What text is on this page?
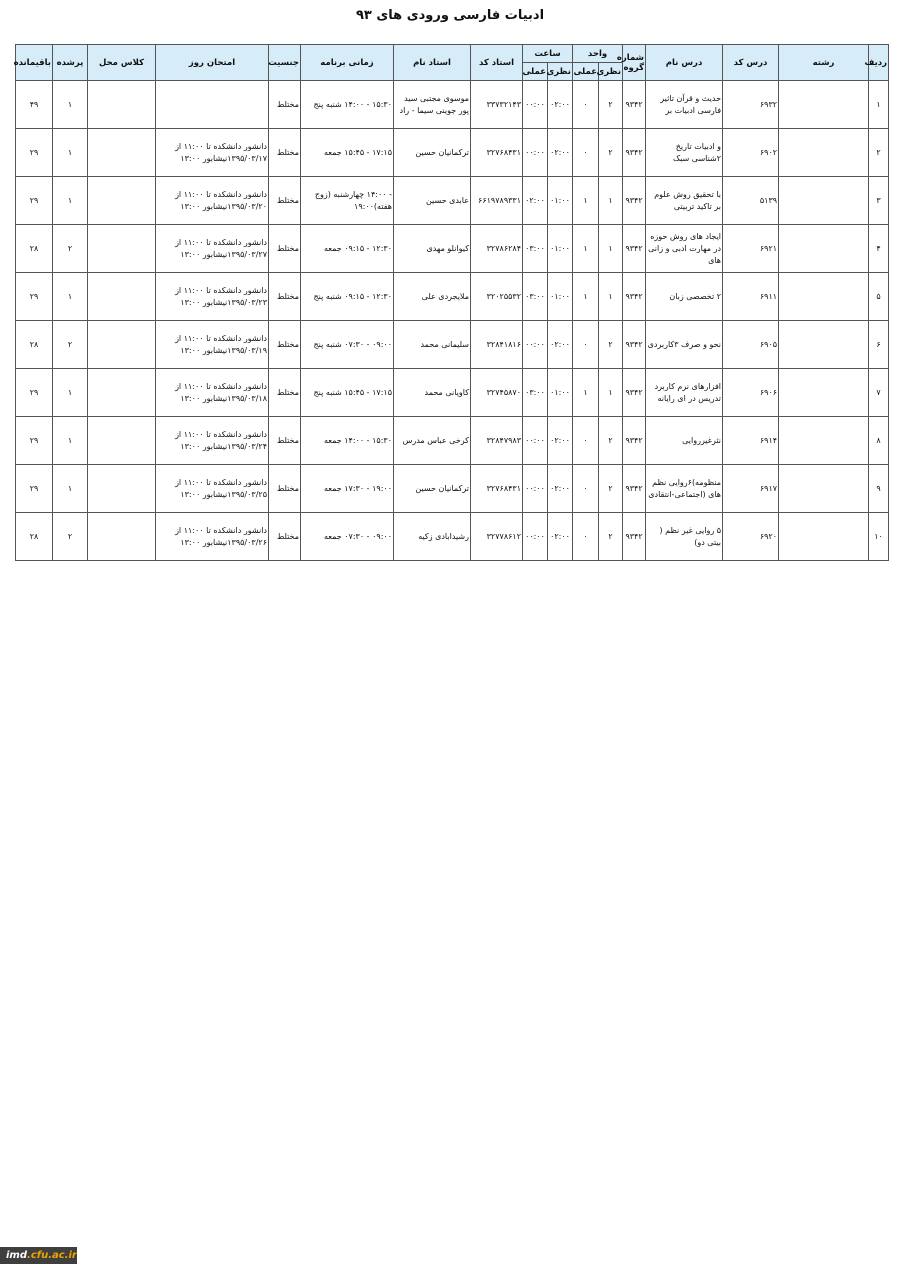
ادبیات فارسی ورودی های ۹۳
ردیف	رشته	درس کد	درس نام	شماره گروه	واحد		ساعت		استاد کد	استاد نام	زمانی برنامه	جنسیت	امتحان روز	کلاس محل	پرشده	باقیمانده
					نظری	عملی	نظری	عملی								
۱		۶۹۳۲	حدیث و قرآن تاثیر فارسی ادبیات بر	۹۳۴۲	۲	۰	۰۲:۰۰	۰۰:۰۰	۳۳۷۳۲۱۴۳	موسوی مجتبی سید پور جوینی سیما - راد	۱۵:۳۰ - ۱۴:۰۰ شنبه پنج	مختلط			۱	۴۹
۲		۶۹۰۲	و ادبیات تاریخ ۲شناسی سبک	۹۳۴۲	۲	۰	۰۲:۰۰	۰۰:۰۰	۳۲۷۶۸۴۳۱	ترکمانیان حسین	۱۷:۱۵ - ۱۵:۴۵ جمعه	مختلط	دانشور دانشکده تا ۱۱:۰۰ از ۱۳۹۵/۰۳/۱۷نیشابور ۱۳:۰۰		۱	۲۹
۳		۵۱۳۹	با تحقیق روش علوم بر تاکید تربیتی	۹۳۴۲	۱	۱	۰۱:۰۰	۰۲:۰۰	۶۶۱۹۷۸۹۳۳۱	عابدی حسین	- ۱۴:۰۰ چهارشنبه (زوج هفته)۱۹:۰۰	مختلط	دانشور دانشکده تا ۱۱:۰۰ از ۱۳۹۵/۰۳/۲۰نیشابور ۱۳:۰۰		۱	۲۹
۴		۶۹۲۱	ایجاد های روش حوزه در مهارت ادبی و زانی های	۹۳۴۲	۱	۱	۰۱:۰۰	۰۳:۰۰	۳۲۷۸۶۲۸۴	کیوانلو مهدی	۱۲:۳۰ - ۰۹:۱۵ جمعه	مختلط	دانشور دانشکده تا ۱۱:۰۰ از ۱۳۹۵/۰۳/۲۷نیشابور ۱۳:۰۰		۲	۲۸
۵		۶۹۱۱	۲ تخصصی زبان	۹۳۴۲	۱	۱	۰۱:۰۰	۰۳:۰۰	۳۲۰۲۵۵۳۲	ملایجردی علی	۱۲:۳۰ - ۰۹:۱۵ شنبه پنج	مختلط	دانشور دانشکده تا ۱۱:۰۰ از ۱۳۹۵/۰۳/۲۳نیشابور ۱۳:۰۰		۱	۲۹
۶		۶۹۰۵	نحو و صرف ۳کاربردی	۹۳۴۲	۲	۰	۰۲:۰۰	۰۰:۰۰	۳۲۸۴۱۸۱۶	سلیمانی محمد	۰۹:۰۰ - ۰۷:۳۰ شنبه پنج	مختلط	دانشور دانشکده تا ۱۱:۰۰ از ۱۳۹۵/۰۳/۱۹نیشابور ۱۳:۰۰		۲	۲۸
۷		۶۹۰۶	افزارهای نرم کاربرد تدریس در ای رایانه	۹۳۴۲	۱	۱	۰۱:۰۰	۰۳:۰۰	۳۲۷۴۵۸۷۰	کاویانی محمد	۱۷:۱۵ - ۱۵:۴۵ شنبه پنج	مختلط	دانشور دانشکده تا ۱۱:۰۰ از ۱۳۹۵/۰۳/۱۸نیشابور ۱۳:۰۰		۱	۲۹
۸		۶۹۱۴	نثرغیرروایی	۹۳۴۲	۲	۰	۰۲:۰۰	۰۰:۰۰	۳۲۸۴۷۹۸۳	کرخی عباس مدرس	۱۵:۳۰ - ۱۴:۰۰ جمعه	مختلط	دانشور دانشکده تا ۱۱:۰۰ از ۱۳۹۵/۰۳/۲۴نیشابور ۱۳:۰۰		۱	۲۹
۹		۶۹۱۷	منظومه)۶روایی نظم های (اجتماعی-انتقادی	۹۳۴۲	۲	۰	۰۲:۰۰	۰۰:۰۰	۳۲۷۶۸۴۳۱	ترکمانیان حسین	۱۹:۰۰ - ۱۷:۳۰ جمعه	مختلط	دانشور دانشکده تا ۱۱:۰۰ از ۱۳۹۵/۰۳/۲۵نیشابور ۱۳:۰۰		۱	۲۹
۱۰		۶۹۲۰	۵ روایی غیر نظم ( بیتی دو)	۹۳۴۲	۲	۰	۰۲:۰۰	۰۰:۰۰	۳۲۷۷۸۶۱۲	رشیدابادی زکیه	۰۹:۰۰ - ۰۷:۳۰ جمعه	مختلط	دانشور دانشکده تا ۱۱:۰۰ از ۱۳۹۵/۰۳/۲۶نیشابور ۱۳:۰۰		۲	۲۸
imd.cfu.ac.ir
